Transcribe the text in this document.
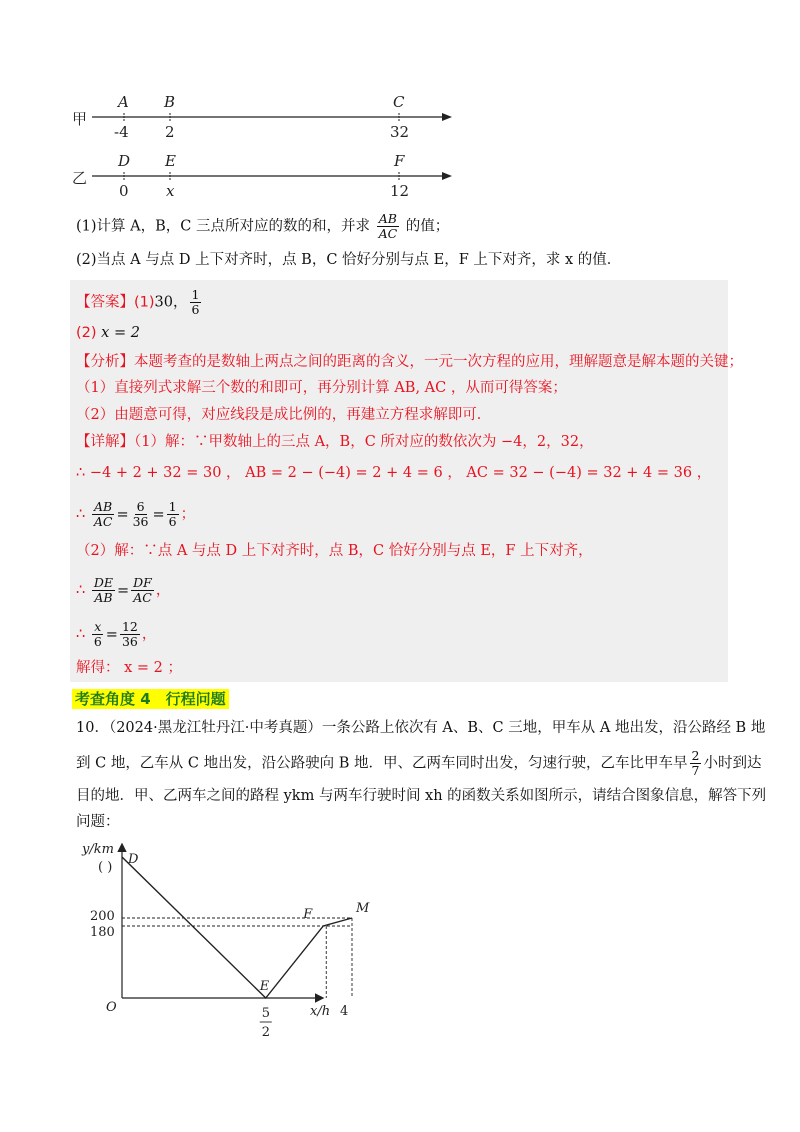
甲
A B	C
-4 2	32
乙
D E	F
0 x	12
(1)计算 A，B，C 三点所对应的数的和，并求 $\frac{AB}{AC}$ 的值；
(2)当点 A 与点 D 上下对齐时，点 B，C 恰好分别与点 E，F 上下对齐，求 x 的值．
【答案】(1)30， $\frac{1}{6}$
(2) x = 2
【分析】本题考查的是数轴上两点之间的距离的含义，一元一次方程的应用，理解题意是解本题的关键；
（1）直接列式求解三个数的和即可，再分别计算 AB, AC ，从而可得答案；
（2）由题意可得，对应线段是成比例的，再建立方程求解即可．
【详解】（1）解：∵甲数轴上的三点 A，B，C 所对应的数依次为 −4，2，32，
∴ −4 + 2 + 32 = 30 ， AB = 2 − (−4) = 2 + 4 = 6 ， AC = 32 − (−4) = 32 + 4 = 36 ，
∴ $\frac{AB}{AC} = \frac{6}{36} = \frac{1}{6}$ ；
（2）解：∵点 A 与点 D 上下对齐时，点 B，C 恰好分别与点 E，F 上下对齐，
∴ $\frac{DE}{AB} = \frac{DF}{AC}$ ，
∴ $\frac{x}{6} = \frac{12}{36}$ ，
解得： x = 2 ；
考查角度 4　行程问题
10．（2024·黑龙江牡丹江·中考真题）一条公路上依次有 A、B、C 三地，甲车从 A 地出发，沿公路经 B 地
到 C 地，乙车从 C 地出发，沿公路驶向 B 地．甲、乙两车同时出发，匀速行驶，乙车比甲车早 $\frac{2}{7}$ 小时到达
目的地．甲、乙两车之间的路程 ykm 与两车行驶时间 xh 的函数关系如图所示，请结合图象信息，解答下列
问题：
y/km
x/h
O
( )
180
200
5
2
4
D
E
F	M
